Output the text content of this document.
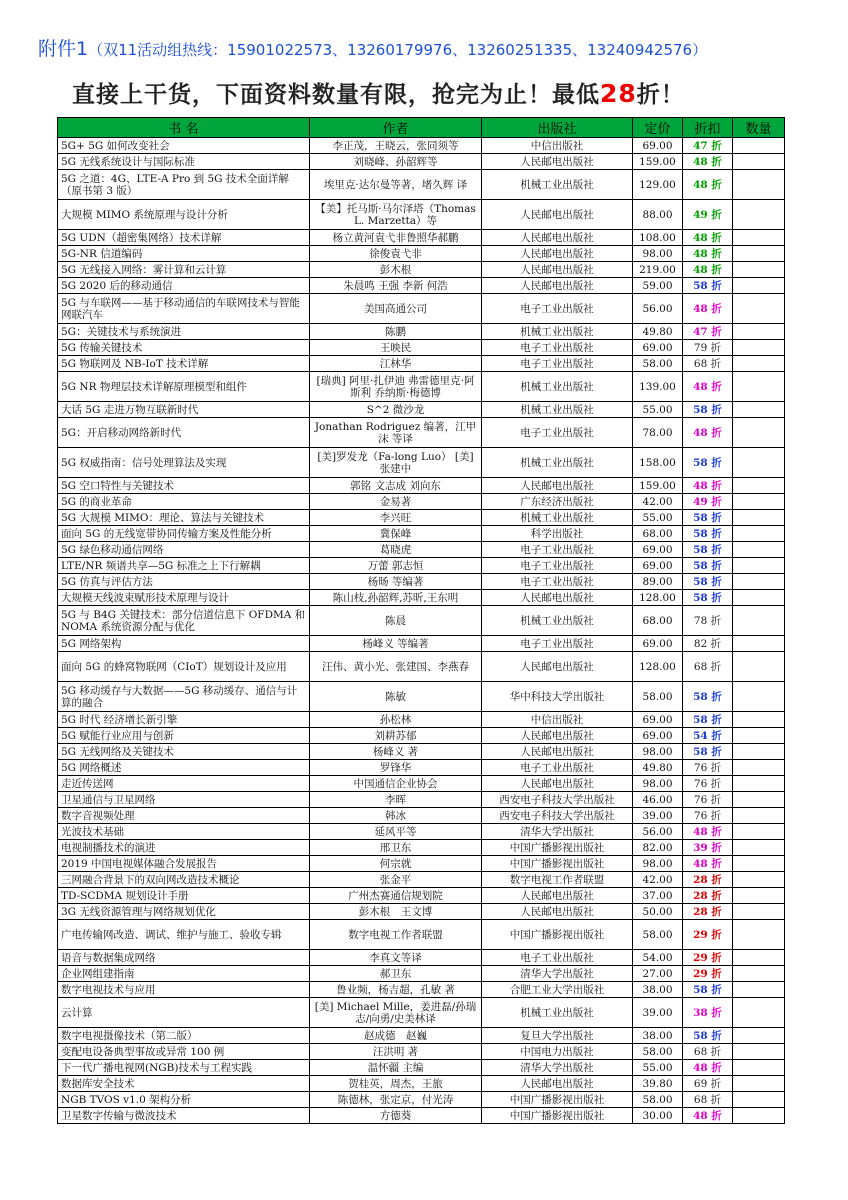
附件1（双11活动组热线：15901022573、13260179976、13260251335、13240942576）
直接上干货，下面资料数量有限，抢完为止！最低28折！
书 名	作者	出版社	定价	折扣	数量
5G+ 5G 如何改变社会	李正茂，王晓云，张同须等	中信出版社	69.00	47 折	
5G 无线系统设计与国际标准	刘晓峰、孙韶辉等	人民邮电出版社	159.00	48 折	
5G 之道：4G、LTE-A Pro 到 5G 技术全面详解（原书第 3 版）	埃里克·达尔曼等著，堵久辉 译	机械工业出版社	129.00	48 折	
大规模 MIMO 系统原理与设计分析	【美】托马斯·马尔泽塔（Thomas L. Marzetta）等	人民邮电出版社	88.00	49 折	
5G UDN（超密集网络）技术详解	杨立黄河袁弋非鲁照华郝鹏	人民邮电出版社	108.00	48 折	
5G-NR 信道编码	徐俊袁弋非	人民邮电出版社	98.00	48 折	
5G 无线接入网络：雾计算和云计算	彭木根	人民邮电出版社	219.00	48 折	
5G 2020 后的移动通信	朱晨鸣 王强 李新 何浩	人民邮电出版社	59.00	58 折	
5G 与车联网——基于移动通信的车联网技术与智能网联汽车	美国高通公司	电子工业出版社	56.00	48 折	
5G：关键技术与系统演进	陈鹏	机械工业出版社	49.80	47 折	
5G 传输关键技术	王映民	电子工业出版社	69.00	79 折	
5G 物联网及 NB-IoT 技术详解	江林华	电子工业出版社	58.00	68 折	
5G NR 物理层技术详解原理模型和组件	[瑞典] 阿里·扎伊迪 弗雷德里克·阿斯利 乔纳斯·梅德博	机械工业出版社	139.00	48 折	
大话 5G 走进万物互联新时代	S^2 微沙龙	机械工业出版社	55.00	58 折	
5G：开启移动网络新时代	Jonathan Rodriguez 编著，江甲沫 等译	电子工业出版社	78.00	48 折	
5G 权威指南：信号处理算法及实现	[美]罗发龙（Fa-long Luo） [美]张建中	机械工业出版社	158.00	58 折	
5G 空口特性与关键技术	郭铭 文志成 刘向东	人民邮电出版社	159.00	48 折	
5G 的商业革命	金易著	广东经济出版社	42.00	49 折	
5G 大规模 MIMO：理论、算法与关键技术	李兴旺	机械工业出版社	55.00	58 折	
面向 5G 的无线宽带协同传输方案及性能分析	冀保峰	科学出版社	68.00	58 折	
5G 绿色移动通信网络	葛晓虎	电子工业出版社	69.00	58 折	
LTE/NR 频谱共享—5G 标准之上下行解耦	万蕾 郭志恒	电子工业出版社	69.00	58 折	
5G 仿真与评估方法	杨旸 等编著	电子工业出版社	89.00	58 折	
大规模天线波束赋形技术原理与设计	陈山枝,孙韶辉,苏昕,王东明	人民邮电出版社	128.00	58 折	
5G 与 B4G 关键技术：部分信道信息下 OFDMA 和 NOMA 系统资源分配与优化	陈晨	机械工业出版社	68.00	78 折	
5G 网络架构	杨峰义 等编著	电子工业出版社	69.00	82 折	
面向 5G 的蜂窝物联网（CIoT）规划设计及应用	汪伟、黄小光、张建国、李燕春	人民邮电出版社	128.00	68 折	
5G 移动缓存与大数据——5G 移动缓存、通信与计算的融合	陈敏	华中科技大学出版社	58.00	58 折	
5G 时代 经济增长新引擎	孙松林	中信出版社	69.00	58 折	
5G 赋能行业应用与创新	刘耕苏郁	人民邮电出版社	69.00	54 折	
5G 无线网络及关键技术	杨峰义 著	人民邮电出版社	98.00	58 折	
5G 网络概述	罗锋华	电子工业出版社	49.80	76 折	
走近传送网	中国通信企业协会	人民邮电出版社	98.00	76 折	
卫星通信与卫星网络	李晖	西安电子科技大学出版社	46.00	76 折	
数字音视频处理	韩冰	西安电子科技大学出版社	39.00	76 折	
光波技术基础	延风平等	清华大学出版社	56.00	48 折	
电视制播技术的演进	邢卫东	中国广播影视出版社	82.00	39 折	
2019 中国电视媒体融合发展报告	何宗就	中国广播影视出版社	98.00	48 折	
三网融合背景下的双向网改造技术概论	张金平	数字电视工作者联盟	42.00	28 折	
TD-SCDMA 规划设计手册	广州杰赛通信规划院	人民邮电出版社	37.00	28 折	
3G 无线资源管理与网络规划优化	彭木根　王文博	人民邮电出版社	50.00	28 折	
广电传输网改造、调试、维护与施工、验收专辑	数字电视工作者联盟	中国广播影视出版社	58.00	29 折	
语音与数据集成网络	李真文等译	电子工业出版社	54.00	29 折	
企业网组建指南	郝卫东	清华大学出版社	27.00	29 折	
数字电视技术与应用	鲁业频，杨吉超，孔敏 著	合肥工业大学出版社	38.00	58 折	
云计算	[美] Michael Mille，姜进磊/孙瑞志/向勇/史美林译	机械工业出版社	39.00	38 折	
数字电视摄像技术（第二版）	赵成德　赵巍	复旦大学出版社	38.00	58 折	
变配电设备典型事故或异常 100 例	汪洪明 著	中国电力出版社	58.00	68 折	
下一代广播电视网(NGB)技术与工程实践	温怀疆 主编	清华大学出版社	55.00	48 折	
数据库安全技术	贺桂英，周杰，王旅	人民邮电出版社	39.80	69 折	
NGB TVOS v1.0 架构分析	陈德林，张定京，付光涛	中国广播影视出版社	58.00	68 折	
卫星数字传输与微波技术	方德葵	中国广播影视出版社	30.00	48 折	
